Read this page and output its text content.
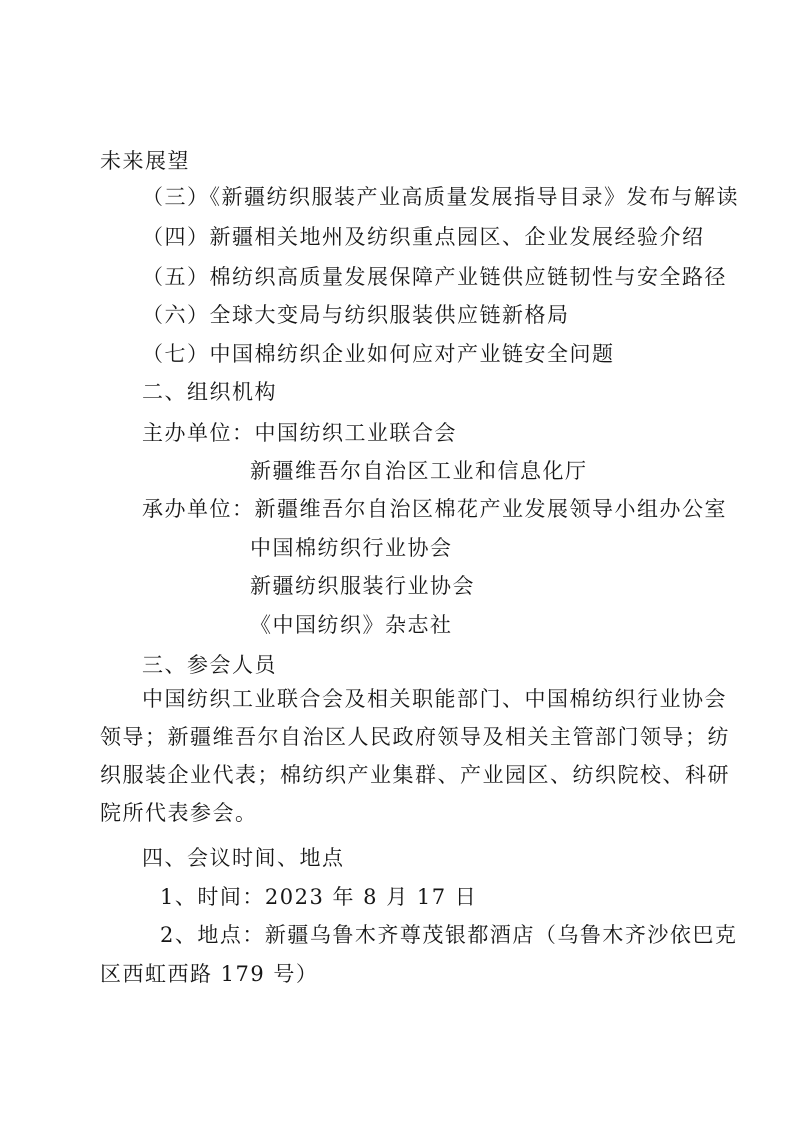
未来展望
（三）《新疆纺织服装产业高质量发展指导目录》发布与解读
（四）新疆相关地州及纺织重点园区、企业发展经验介绍
（五）棉纺织高质量发展保障产业链供应链韧性与安全路径
（六）全球大变局与纺织服装供应链新格局
（七）中国棉纺织企业如何应对产业链安全问题
二、组织机构
主办单位：中国纺织工业联合会
新疆维吾尔自治区工业和信息化厅
承办单位：新疆维吾尔自治区棉花产业发展领导小组办公室
中国棉纺织行业协会
新疆纺织服装行业协会
《中国纺织》杂志社
三、参会人员
中国纺织工业联合会及相关职能部门、中国棉纺织行业协会
领导；新疆维吾尔自治区人民政府领导及相关主管部门领导；纺
织服装企业代表；棉纺织产业集群、产业园区、纺织院校、科研
院所代表参会。
四、会议时间、地点
1、时间：2023 年 8 月 17 日
2、地点：新疆乌鲁木齐尊茂银都酒店（乌鲁木齐沙依巴克
区西虹西路 179 号）
